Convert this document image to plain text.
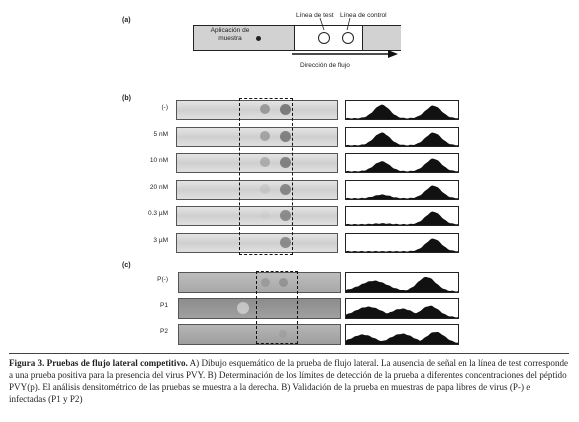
(a)
Aplicación de
muestra
Línea de test Línea de control
Dirección de flujo
(b)
(-)
5 nM
10 nM
20 nM
0.3 µM
3 µM
(c)
P(-)
P1
P2
Figura 3. Pruebas de flujo lateral competitivo. A) Dibujo esquemático de la prueba de flujo lateral. La ausencia de señal en la línea de test corresponde a una prueba positiva para la presencia del virus PVY. B) Determinación de los límites de detección de la prueba a diferentes concentraciones del péptido PVY(p). El análisis densitométrico de las pruebas se muestra a la derecha. B) Validación de la prueba en muestras de papa libres de virus (P-) e infectadas (P1 y P2)
